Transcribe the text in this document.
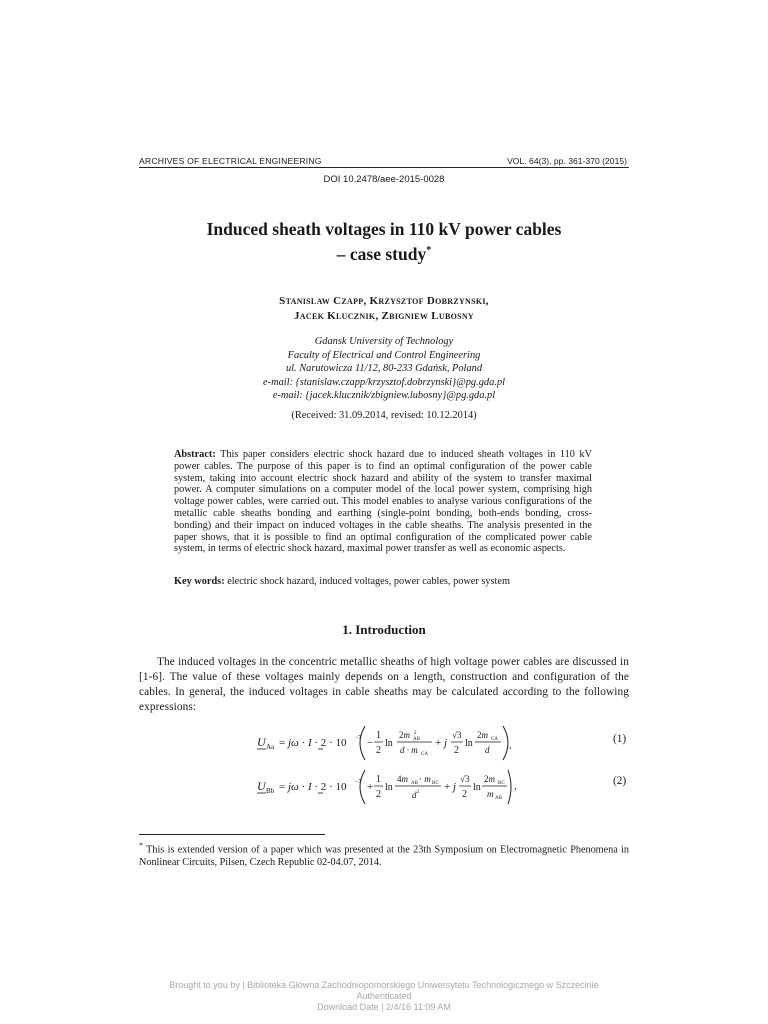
ARCHIVES OF ELECTRICAL ENGINEERING	VOL. 64(3), pp. 361-370 (2015)
DOI 10.2478/aee-2015-0028
Induced sheath voltages in 110 kV power cables
– case study*
Stanislaw Czapp, Krzysztof Dobrzynski,
Jacek Klucznik, Zbigniew Lubosny
Gdansk University of Technology
Faculty of Electrical and Control Engineering
ul. Narutowicza 11/12, 80-233 Gdańsk, Poland
e-mail: {stanislaw.czapp/krzysztof.dobrzynski}@pg.gda.pl
e-mail: {jacek.klucznik/zbigniew.lubosny}@pg.gda.pl
(Received: 31.09.2014, revised: 10.12.2014)
Abstract: This paper considers electric shock hazard due to induced sheath voltages in 110 kV power cables. The purpose of this paper is to find an optimal configuration of the power cable system, taking into account electric shock hazard and ability of the system to transfer maximal power. A computer simulations on a computer model of the local power system, comprising high voltage power cables, were carried out. This model enables to analyse various configurations of the metallic cable sheaths bonding and earthing (single-point bonding, both-ends bonding, cross-bonding) and their impact on induced voltages in the cable sheaths. The analysis presented in the paper shows, that it is possible to find an optimal configuration of the complicated power cable system, in terms of electric shock hazard, maximal power transfer as well as economic aspects.
Key words: electric shock hazard, induced voltages, power cables, power system
1. Introduction
The induced voltages in the concentric metallic sheaths of high voltage power cables are discussed in [1-6]. The value of these voltages mainly depends on a length, construction and configuration of the cables. In general, the induced voltages in cable sheaths may be calculated according to the following expressions:
U Aa = jω · I · 2 · 10 −7 −
1
2
ln
2m 2
AB
d · m CA
+ j
√3
2
ln
2m CA
d ,
(1)
U Bb = jω · I · 2 · 10 −7 +
1
2
ln
4m AB · m BC
d 2 + j
√3
2
ln
2m BC
m AB
,	(2)
* This is extended version of a paper which was presented at the 23th Symposium on Electromagnetic Phenomena in Nonlinear Circuits, Pilsen, Czech Republic 02-04.07, 2014.
Brought to you by | Biblioteka Główna Zachodniopomorskiego Uniwersytetu Technologicznego w Szczecinie
Authenticated
Download Date | 2/4/16 11:09 AM
